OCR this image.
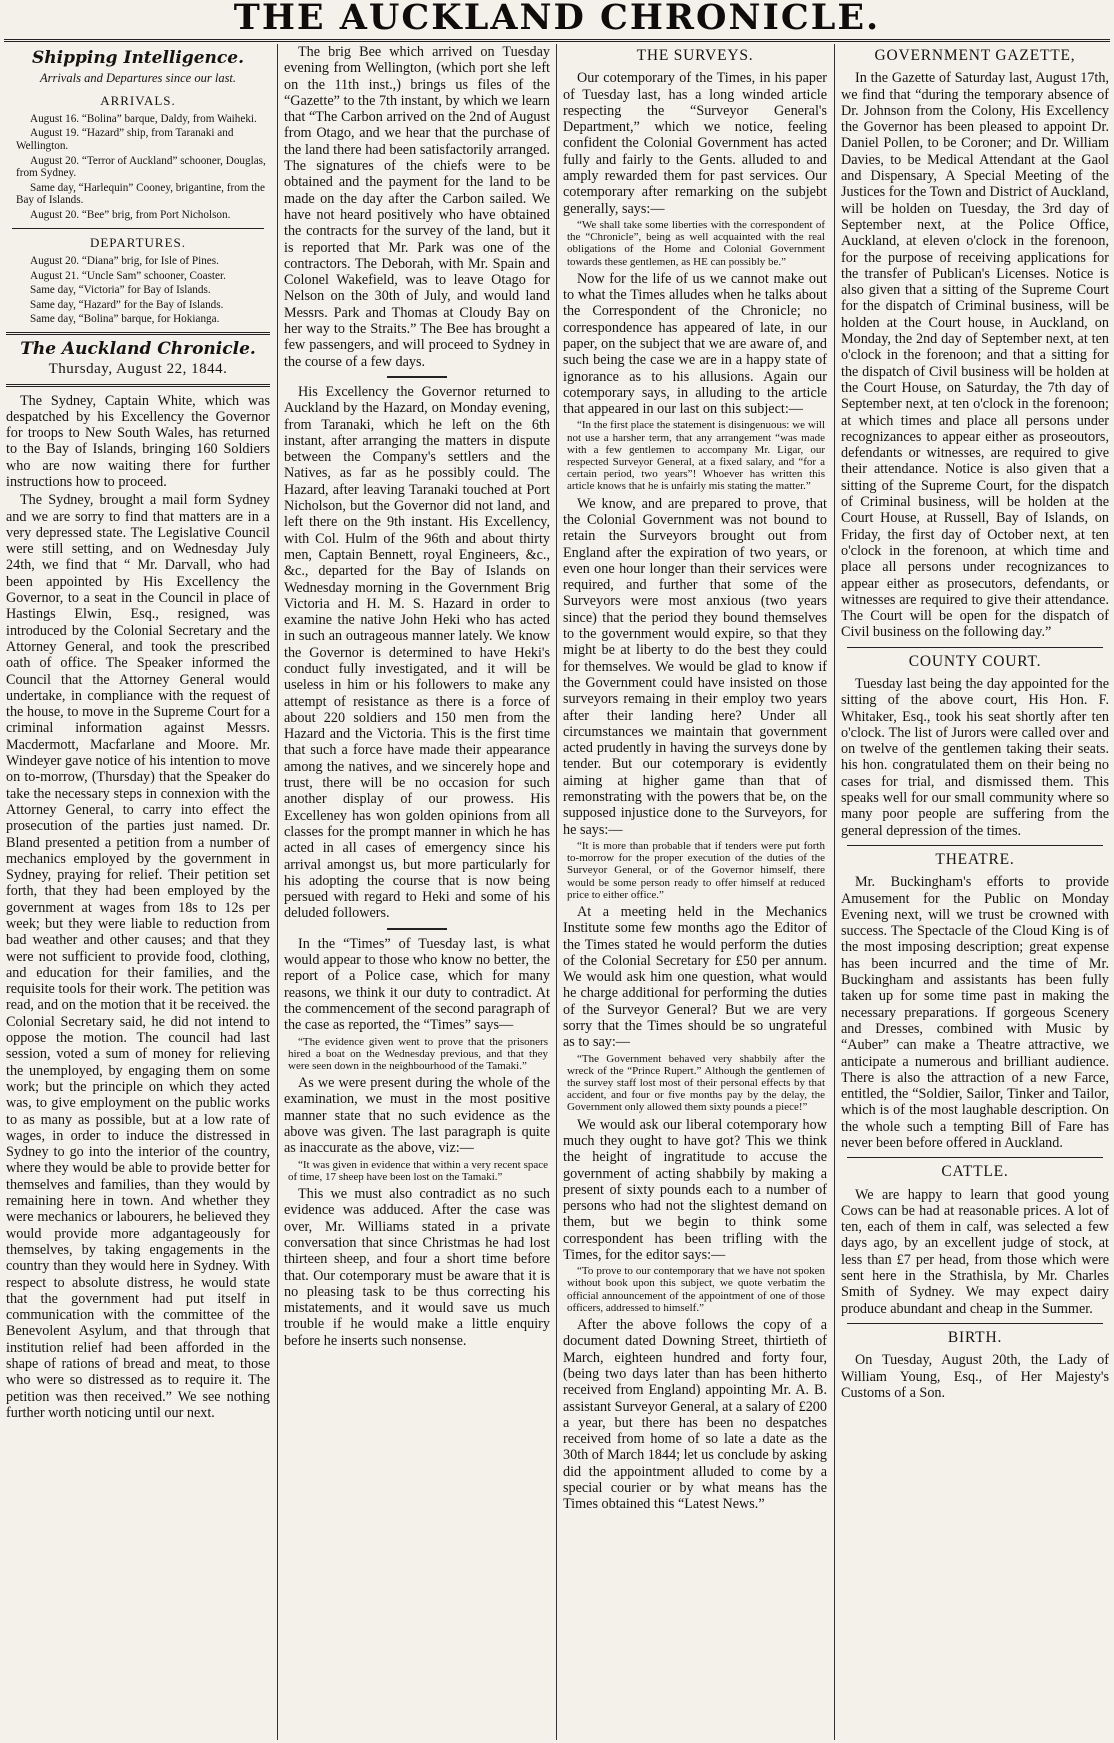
THE AUCKLAND CHRONICLE.
Shipping Intelligence.
Arrivals and Departures since our last.
ARRIVALS.

August 16. “Bolina” barque, Daldy, from Waiheki.

August 19. “Hazard” ship, from Taranaki and Wellington.

August 20. “Terror of Auckland” schooner, Douglas, from Sydney.

Same day, “Harlequin” Cooney, brigantine, from the Bay of Islands.

August 20. “Bee” brig, from Port Nicholson.

DEPARTURES.

August 20. “Diana” brig, for Isle of Pines.

August 21. “Uncle Sam” schooner, Coaster.

Same day, “Victoria” for Bay of Islands.

Same day, “Hazard” for the Bay of Islands.

Same day, “Bolina” barque, for Hokianga.

The Auckland Chronicle.
Thursday, August 22, 1844.

The Sydney, Captain White, which was despatched by his Excellency the Governor for troops to New South Wales, has returned to the Bay of Islands, bringing 160 Soldiers who are now waiting there for further instructions how to proceed.

The Sydney, brought a mail form Sydney and we are sorry to find that matters are in a very depressed state. The Legislative Council were still setting, and on Wednesday July 24th, we find that “ Mr. Darvall, who had been appointed by His Excellency the Governor, to a seat in the Council in place of Hastings Elwin, Esq., resigned, was introduced by the Colonial Secretary and the Attorney General, and took the prescribed oath of office. The Speaker informed the Council that the Attorney General would undertake, in compliance with the request of the house, to move in the Supreme Court for a criminal information against Messrs. Macdermott, Macfarlane and Moore. Mr. Windeyer gave notice of his intention to move on to-morrow, (Thursday) that the Speaker do take the necessary steps in connexion with the Attorney General, to carry into effect the prosecution of the parties just named. Dr. Bland presented a petition from a number of mechanics employed by the government in Sydney, praying for relief. Their petition set forth, that they had been employed by the government at wages from 18s to 12s per week; but they were liable to reduction from bad weather and other causes; and that they were not sufficient to provide food, clothing, and education for their families, and the requisite tools for their work. The petition was read, and on the motion that it be received. the Colonial Secretary said, he did not intend to oppose the motion. The council had last session, voted a sum of money for relieving the unemployed, by engaging them on some work; but the principle on which they acted was, to give employment on the public works to as many as possible, but at a low rate of wages, in order to induce the distressed in Sydney to go into the interior of the country, where they would be able to provide better for themselves and families, than they would by remaining here in town. And whether they were mechanics or labourers, he believed they would provide more adgantageously for themselves, by taking engagements in the country than they would here in Sydney. With respect to absolute distress, he would state that the government had put itself in communication with the committee of the Benevolent Asylum, and that through that institution relief had been afforded in the shape of rations of bread and meat, to those who were so distressed as to require it. The petition was then received.” We see nothing further worth noticing until our next.

The brig Bee which arrived on Tuesday evening from Wellington, (which port she left on the 11th inst.,) brings us files of the “Gazette” to the 7th instant, by which we learn that “The Carbon arrived on the 2nd of August from Otago, and we hear that the purchase of the land there had been satisfactorily arranged. The signatures of the chiefs were to be obtained and the payment for the land to be made on the day after the Carbon sailed. We have not heard positively who have obtained the contracts for the survey of the land, but it is reported that Mr. Park was one of the contractors. The Deborah, with Mr. Spain and Colonel Wakefield, was to leave Otago for Nelson on the 30th of July, and would land Messrs. Park and Thomas at Cloudy Bay on her way to the Straits.” The Bee has brought a few passengers, and will proceed to Sydney in the course of a few days.

His Excellency the Governor returned to Auckland by the Hazard, on Monday evening, from Taranaki, which he left on the 6th instant, after arranging the matters in dispute between the Company's settlers and the Natives, as far as he possibly could. The Hazard, after leaving Taranaki touched at Port Nicholson, but the Governor did not land, and left there on the 9th instant. His Excellency, with Col. Hulm of the 96th and about thirty men, Captain Bennett, royal Engineers, &c., &c., departed for the Bay of Islands on Wednesday morning in the Government Brig Victoria and H. M. S. Hazard in order to examine the native John Heki who has acted in such an outrageous manner lately. We know the Governor is determined to have Heki's conduct fully investigated, and it will be useless in him or his followers to make any attempt of resistance as there is a force of about 220 soldiers and 150 men from the Hazard and the Victoria. This is the first time that such a force have made their appearance among the natives, and we sincerely hope and trust, there will be no occasion for such another display of our prowess. His Excelleney has won golden opinions from all classes for the prompt manner in which he has acted in all cases of emergency since his arrival amongst us, but more particularly for his adopting the course that is now being persued with regard to Heki and some of his deluded followers.

In the “Times” of Tuesday last, is what would appear to those who know no better, the report of a Police case, which for many reasons, we think it our duty to contradict. At the commencement of the second paragraph of the case as reported, the “Times” says—

“The evidence given went to prove that the prisoners hired a boat on the Wednesday previous, and that they were seen down in the neighbourhood of the Tamaki.”

As we were present during the whole of the examination, we must in the most positive manner state that no such evidence as the above was given. The last paragraph is quite as inaccurate as the above, viz:—

“It was given in evidence that within a very recent space of time, 17 sheep have been lost on the Tamaki.”

This we must also contradict as no such evidence was adduced. After the case was over, Mr. Williams stated in a private conversation that since Christmas he had lost thirteen sheep, and four a short time before that. Our cotemporary must be aware that it is no pleasing task to be thus correcting his mistatements, and it would save us much trouble if he would make a little enquiry before he inserts such nonsense.

THE SURVEYS.

Our cotemporary of the Times, in his paper of Tuesday last, has a long winded article respecting the “Surveyor General's Department,” which we notice, feeling confident the Colonial Government has acted fully and fairly to the Gents. alluded to and amply rewarded them for past services. Our cotemporary after remarking on the subjebt generally, says:—

“We shall take some liberties with the correspondent of the “Chronicle”, being as well acquainted with the real obligations of the Home and Colonial Government towards these gentlemen, as HE can possibly be.”

Now for the life of us we cannot make out to what the Times alludes when he talks about the Correspondent of the Chronicle; no correspondence has appeared of late, in our paper, on the subject that we are aware of, and such being the case we are in a happy state of ignorance as to his allusions. Again our cotemporary says, in alluding to the article that appeared in our last on this subject:—

“In the first place the statement is disingenuous: we will not use a harsher term, that any arrangement “was made with a few gentlemen to accompany Mr. Ligar, our respected Surveyor General, at a fixed salary, and “for a certain period, two years”! Whoever has written this article knows that he is unfairly mis stating the matter.”

We know, and are prepared to prove, that the Colonial Government was not bound to retain the Surveyors brought out from England after the expiration of two years, or even one hour longer than their services were required, and further that some of the Surveyors were most anxious (two years since) that the period they bound themselves to the government would expire, so that they might be at liberty to do the best they could for themselves. We would be glad to know if the Government could have insisted on those surveyors remaing in their employ two years after their landing here? Under all circumstances we maintain that government acted prudently in having the surveys done by tender. But our cotemporary is evidently aiming at higher game than that of remonstrating with the powers that be, on the supposed injustice done to the Surveyors, for he says:—

“It is more than probable that if tenders were put forth to-morrow for the proper execution of the duties of the Surveyor General, or of the Governor himself, there would be some person ready to offer himself at reduced price to either office.”

At a meeting held in the Mechanics Institute some few months ago the Editor of the Times stated he would perform the duties of the Colonial Secretary for £50 per annum. We would ask him one question, what would he charge additional for performing the duties of the Surveyor General? But we are very sorry that the Times should be so ungrateful as to say:—

“The Government behaved very shabbily after the wreck of the “Prince Rupert.” Although the gentlemen of the survey staff lost most of their personal effects by that accident, and four or five months pay by the delay, the Government only allowed them sixty pounds a piece!”

We would ask our liberal cotemporary how much they ought to have got? This we think the height of ingratitude to accuse the government of acting shabbily by making a present of sixty pounds each to a number of persons who had not the slightest demand on them, but we begin to think some correspondent has been trifling with the Times, for the editor says:—

“To prove to our contemporary that we have not spoken without book upon this subject, we quote verbatim the official announcement of the appointment of one of those officers, addressed to himself.”

After the above follows the copy of a document dated Downing Street, thirtieth of March, eighteen hundred and forty four, (being two days later than has been hitherto received from England) appointing Mr. A. B. assistant Surveyor General, at a salary of £200 a year, but there has been no despatches received from home of so late a date as the 30th of March 1844; let us conclude by asking did the appointment alluded to come by a special courier or by what means has the Times obtained this “Latest News.”

GOVERNMENT GAZETTE,

In the Gazette of Saturday last, August 17th, we find that “during the temporary absence of Dr. Johnson from the Colony, His Excellency the Governor has been pleased to appoint Dr. Daniel Pollen, to be Coroner; and Dr. William Davies, to be Medical Attendant at the Gaol and Dispensary, A Special Meeting of the Justices for the Town and District of Auckland, will be holden on Tuesday, the 3rd day of September next, at the Police Office, Auckland, at eleven o'clock in the forenoon, for the purpose of receiving applications for the transfer of Publican's Licenses. Notice is also given that a sitting of the Supreme Court for the dispatch of Criminal business, will be holden at the Court house, in Auckland, on Monday, the 2nd day of September next, at ten o'clock in the forenoon; and that a sitting for the dispatch of Civil business will be holden at the Court House, on Saturday, the 7th day of September next, at ten o'clock in the forenoon; at which times and place all persons under recognizances to appear either as proseoutors, defendants or witnesses, are required to give their attendance. Notice is also given that a sitting of the Supreme Court, for the dispatch of Criminal business, will be holden at the Court House, at Russell, Bay of Islands, on Friday, the first day of October next, at ten o'clock in the forenoon, at which time and place all persons under recognizances to appear either as prosecutors, defendants, or witnesses are required to give their attendance. The Court will be open for the dispatch of Civil business on the following day.”

COUNTY COURT.

Tuesday last being the day appointed for the sitting of the above court, His Hon. F. Whitaker, Esq., took his seat shortly after ten o'clock. The list of Jurors were called over and on twelve of the gentlemen taking their seats. his hon. congratulated them on their being no cases for trial, and dismissed them. This speaks well for our small community where so many poor people are suffering from the general depression of the times.

THEATRE.

Mr. Buckingham's efforts to provide Amusement for the Public on Monday Evening next, will we trust be crowned with success. The Spectacle of the Cloud King is of the most imposing description; great expense has been incurred and the time of Mr. Buckingham and assistants has been fully taken up for some time past in making the necessary preparations. If gorgeous Scenery and Dresses, combined with Music by “Auber” can make a Theatre attractive, we anticipate a numerous and brilliant audience. There is also the attraction of a new Farce, entitled, the “Soldier, Sailor, Tinker and Tailor, which is of the most laughable description. On the whole such a tempting Bill of Fare has never been before offered in Auckland.

CATTLE.

We are happy to learn that good young Cows can be had at reasonable prices. A lot of ten, each of them in calf, was selected a few days ago, by an excellent judge of stock, at less than £7 per head, from those which were sent here in the Strathisla, by Mr. Charles Smith of Sydney. We may expect dairy produce abundant and cheap in the Summer.

BIRTH.

On Tuesday, August 20th, the Lady of William Young, Esq., of Her Majesty's Customs of a Son.
